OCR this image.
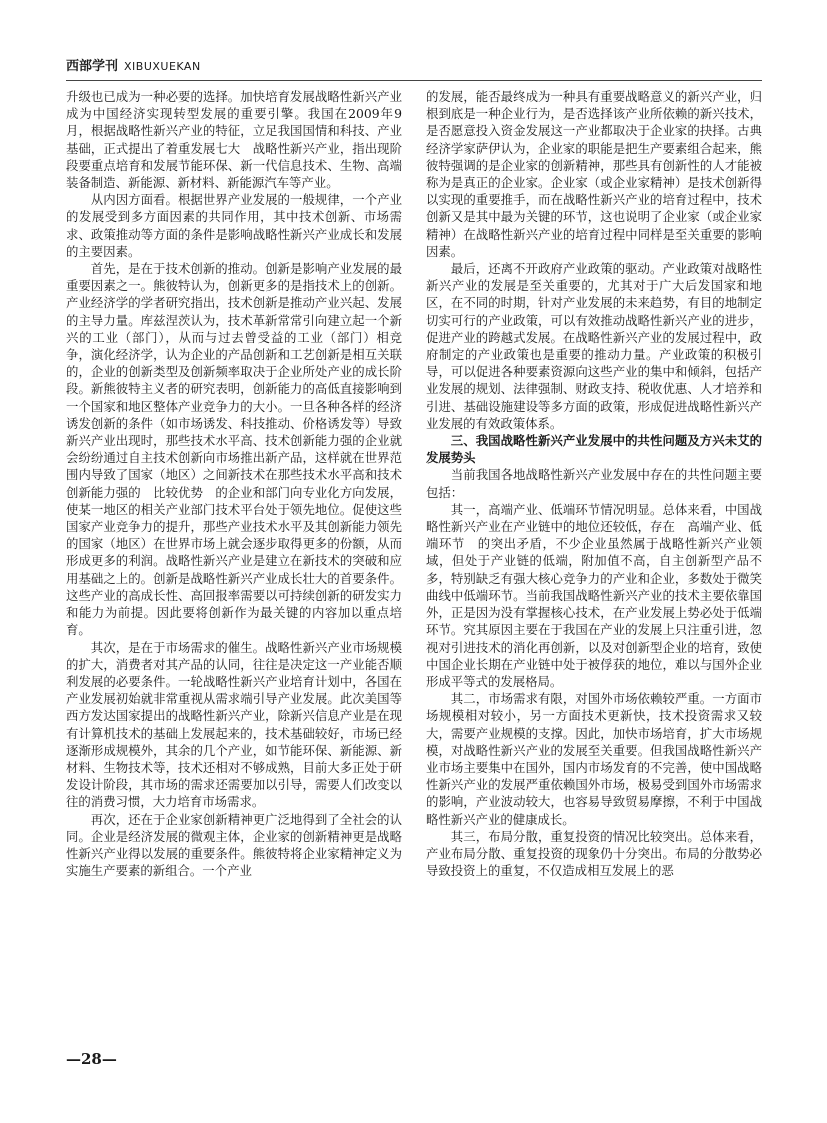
西部学刊 XIBUXUEKAN

升级也已成为一种必要的选择。加快培育发展战略性新兴产业成为中国经济实现转型发展的重要引擎。我国在2009年9月，根据战略性新兴产业的特征，立足我国国情和科技、产业基础，正式提出了着重发展七大　战略性新兴产业，指出现阶段要重点培育和发展节能环保、新一代信息技术、生物、高端装备制造、新能源、新材料、新能源汽车等产业。

从内因方面看。根据世界产业发展的一般规律，一个产业的发展受到多方面因素的共同作用，其中技术创新、市场需求、政策推动等方面的条件是影响战略性新兴产业成长和发展的主要因素。

首先，是在于技术创新的推动。创新是影响产业发展的最重要因素之一。熊彼特认为，创新更多的是指技术上的创新。产业经济学的学者研究指出，技术创新是推动产业兴起、发展的主导力量。库兹涅茨认为，技术革新常常引向建立起一个新兴的工业（部门），从而与过去曾受益的工业（部门）相竞争，演化经济学，认为企业的产品创新和工艺创新是相互关联的，企业的创新类型及创新频率取决于企业所处产业的成长阶段。新熊彼特主义者的研究表明，创新能力的高低直接影响到一个国家和地区整体产业竞争力的大小。一旦各种各样的经济诱发创新的条件（如市场诱发、科技推动、价格诱发等）导致新兴产业出现时，那些技术水平高、技术创新能力强的企业就会纷纷通过自主技术创新向市场推出新产品，这样就在世界范围内导致了国家（地区）之间新技术在那些技术水平高和技术创新能力强的　比较优势　的企业和部门向专业化方向发展，使某一地区的相关产业部门技术平台处于领先地位。促使这些国家产业竞争力的提升，那些产业技术水平及其创新能力领先的国家（地区）在世界市场上就会逐步取得更多的份额，从而形成更多的利润。战略性新兴产业是建立在新技术的突破和应用基础之上的。创新是战略性新兴产业成长壮大的首要条件。这些产业的高成长性、高回报率需要以可持续创新的研发实力和能力为前提。因此要将创新作为最关键的内容加以重点培育。

其次，是在于市场需求的催生。战略性新兴产业市场规模的扩大，消费者对其产品的认同，往往是决定这一产业能否顺利发展的必要条件。一轮战略性新兴产业培育计划中，各国在产业发展初始就非常重视从需求端引导产业发展。此次美国等西方发达国家提出的战略性新兴产业，除新兴信息产业是在现有计算机技术的基础上发展起来的，技术基础较好，市场已经逐渐形成规模外，其余的几个产业，如节能环保、新能源、新材料、生物技术等，技术还相对不够成熟，目前大多正处于研发设计阶段，其市场的需求还需要加以引导，需要人们改变以往的消费习惯，大力培育市场需求。

再次，还在于企业家创新精神更广泛地得到了全社会的认同。企业是经济发展的微观主体，企业家的创新精神更是战略性新兴产业得以发展的重要条件。熊彼特将企业家精神定义为实施生产要素的新组合。一个产业

的发展，能否最终成为一种具有重要战略意义的新兴产业，归根到底是一种企业行为，是否选择该产业所依赖的新兴技术，是否愿意投入资金发展这一产业都取决于企业家的抉择。古典经济学家萨伊认为，企业家的职能是把生产要素组合起来，熊彼特强调的是企业家的创新精神，那些具有创新性的人才能被称为是真正的企业家。企业家（或企业家精神）是技术创新得以实现的重要推手，而在战略性新兴产业的培育过程中，技术创新又是其中最为关键的环节，这也说明了企业家（或企业家精神）在战略性新兴产业的培育过程中同样是至关重要的影响因素。

最后，还离不开政府产业政策的驱动。产业政策对战略性新兴产业的发展是至关重要的，尤其对于广大后发国家和地区，在不同的时期，针对产业发展的未来趋势，有目的地制定切实可行的产业政策，可以有效推动战略性新兴产业的进步，促进产业的跨越式发展。在战略性新兴产业的发展过程中，政府制定的产业政策也是重要的推动力量。产业政策的积极引导，可以促进各种要素资源向这些产业的集中和倾斜，包括产业发展的规划、法律强制、财政支持、税收优惠、人才培养和引进、基础设施建设等多方面的政策，形成促进战略性新兴产业发展的有效政策体系。

三、我国战略性新兴产业发展中的共性问题及方兴未艾的发展势头

当前我国各地战略性新兴产业发展中存在的共性问题主要包括：

其一，高端产业、低端环节情况明显。总体来看，中国战略性新兴产业在产业链中的地位还较低，存在　高端产业、低端环节　的突出矛盾，不少企业虽然属于战略性新兴产业领域，但处于产业链的低端，附加值不高，自主创新型产品不多，特别缺乏有强大核心竞争力的产业和企业，多数处于微笑曲线中低端环节。当前我国战略性新兴产业的技术主要依靠国外，正是因为没有掌握核心技术，在产业发展上势必处于低端环节。究其原因主要在于我国在产业的发展上只注重引进，忽视对引进技术的消化再创新，以及对创新型企业的培育，致使中国企业长期在产业链中处于被俘获的地位，难以与国外企业形成平等式的发展格局。

其二，市场需求有限，对国外市场依赖较严重。一方面市场规模相对较小，另一方面技术更新快，技术投资需求又较大，需要产业规模的支撑。因此，加快市场培育，扩大市场规模，对战略性新兴产业的发展至关重要。但我国战略性新兴产业市场主要集中在国外，国内市场发育的不完善，使中国战略性新兴产业的发展严重依赖国外市场，极易受到国外市场需求的影响，产业波动较大，也容易导致贸易摩擦，不利于中国战略性新兴产业的健康成长。

其三，布局分散，重复投资的情况比较突出。总体来看，产业布局分散、重复投资的现象仍十分突出。布局的分散势必导致投资上的重复，不仅造成相互发展上的恶

—28—
